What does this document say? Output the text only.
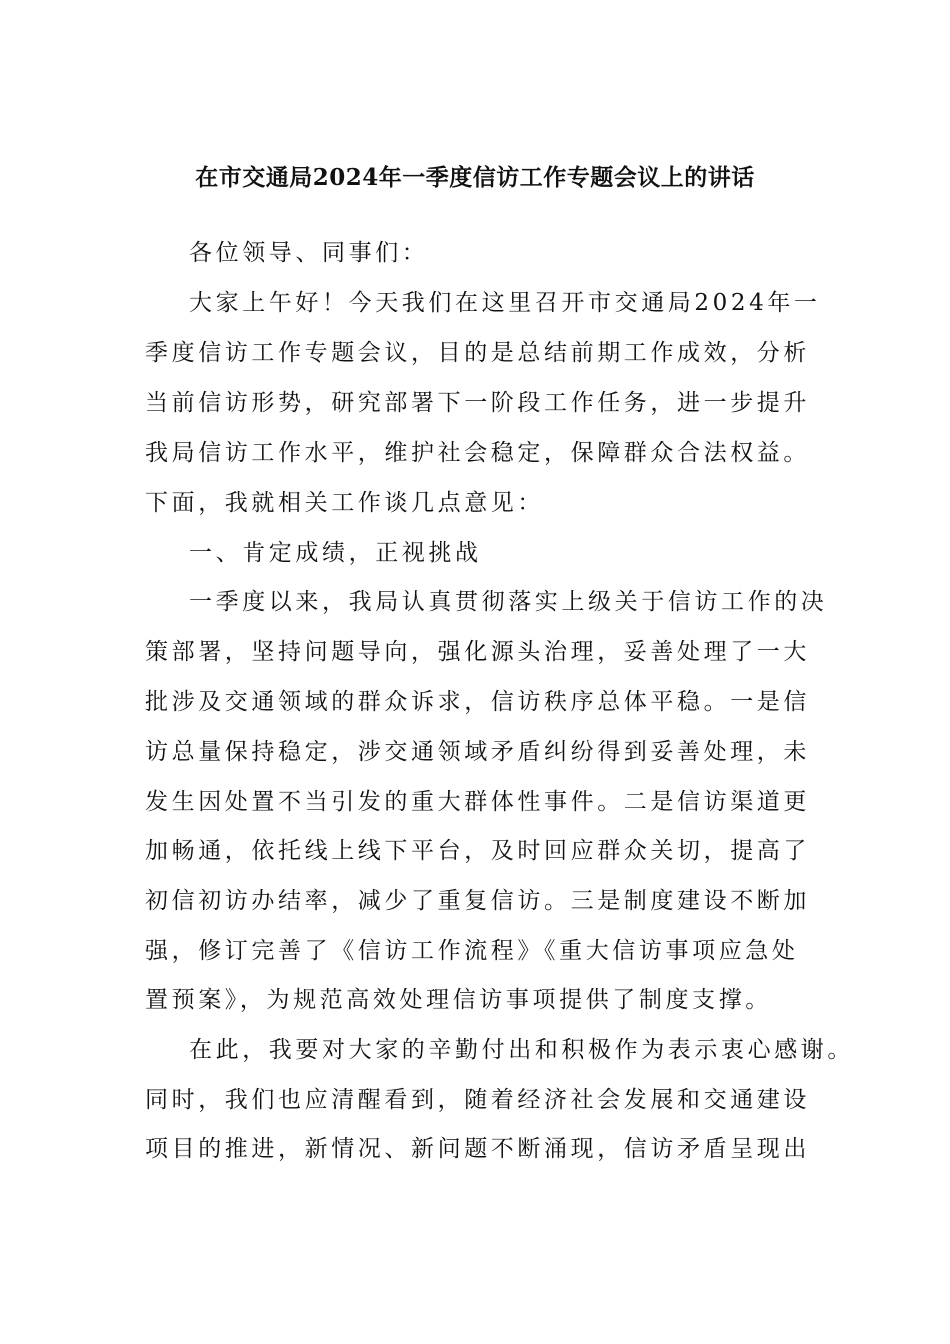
在市交通局2024年一季度信访工作专题会议上的讲话
各位领导、同事们：
大家上午好！今天我们在这里召开市交通局2024年一
季度信访工作专题会议，目的是总结前期工作成效，分析
当前信访形势，研究部署下一阶段工作任务，进一步提升
我局信访工作水平，维护社会稳定，保障群众合法权益。
下面，我就相关工作谈几点意见：
一、肯定成绩，正视挑战
一季度以来，我局认真贯彻落实上级关于信访工作的决
策部署，坚持问题导向，强化源头治理，妥善处理了一大
批涉及交通领域的群众诉求，信访秩序总体平稳。一是信
访总量保持稳定，涉交通领域矛盾纠纷得到妥善处理，未
发生因处置不当引发的重大群体性事件。二是信访渠道更
加畅通，依托线上线下平台，及时回应群众关切，提高了
初信初访办结率，减少了重复信访。三是制度建设不断加
强，修订完善了《信访工作流程》《重大信访事项应急处
置预案》，为规范高效处理信访事项提供了制度支撑。
在此，我要对大家的辛勤付出和积极作为表示衷心感谢。
同时，我们也应清醒看到，随着经济社会发展和交通建设
项目的推进，新情况、新问题不断涌现，信访矛盾呈现出
